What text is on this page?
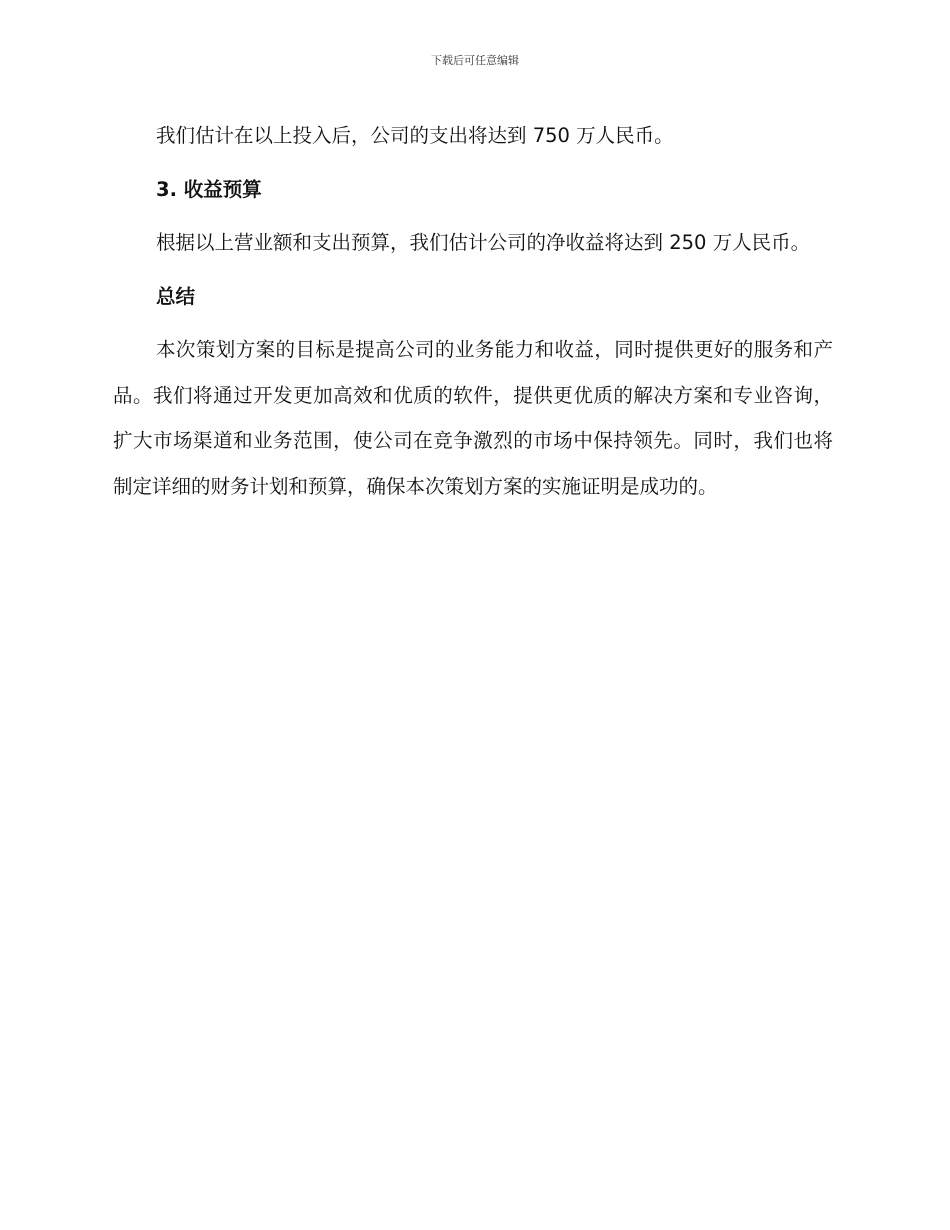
下载后可任意编辑

我们估计在以上投入后，公司的支出将达到 750 万人民币。

3. 收益预算

根据以上营业额和支出预算，我们估计公司的净收益将达到 250 万人民币。

总结

本次策划方案的目标是提高公司的业务能力和收益，同时提供更好的服务和产品。我们将通过开发更加高效和优质的软件，提供更优质的解决方案和专业咨询，扩大市场渠道和业务范围，使公司在竞争激烈的市场中保持领先。同时，我们也将制定详细的财务计划和预算，确保本次策划方案的实施证明是成功的。
